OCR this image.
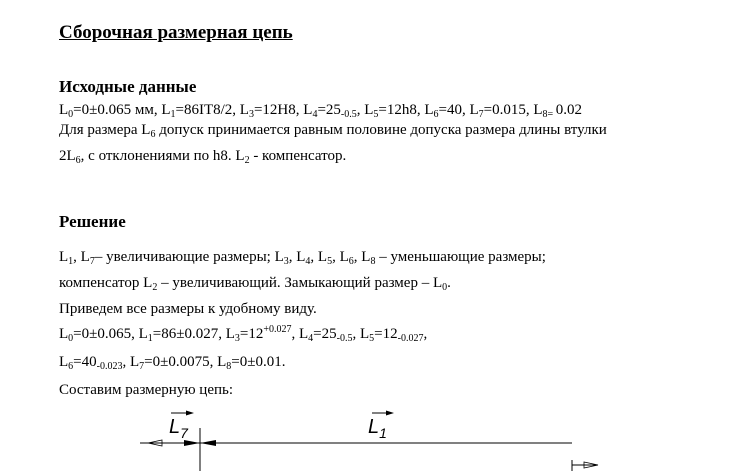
Сборочная размерная цепь
Исходные данные

$L_0=0\pm 0.065$ мм, $L_1=86IT8/2$, $L_3=12H8$, $L_4=25_{-0.5}$, $L_5=12h8$, $L_6=40$, $L_7=0.015$, $L_{8=}$ 0.02

Для размера $L_6$ допуск принимается равным половине допуска размера длины втулки

$2L_6$, с отклонениями по h8. $L_2$ - компенсатор.

Решение

$L_1$, $L_7-$ увеличивающие размеры; $L_3$, $L_4$, $L_5$, $L_6$, $L_8$ – уменьшающие размеры;

компенсатор $L_2$ – увеличивающий. Замыкающий размер – $L_0$.

Приведем все размеры к удобному виду.

$L_0=0\pm 0.065$, $L_1=86\pm 0.027$, $L_3=12^{+0.027}$, $L_4=25_{-0.5}$, $L_5=12_{-0.027}$,

$L_6=40_{-0.023}$, $L_7=0\pm 0.0075$, $L_8=0\pm 0.01$.

Составим размерную цепь:

$L_7$	$L_1$
